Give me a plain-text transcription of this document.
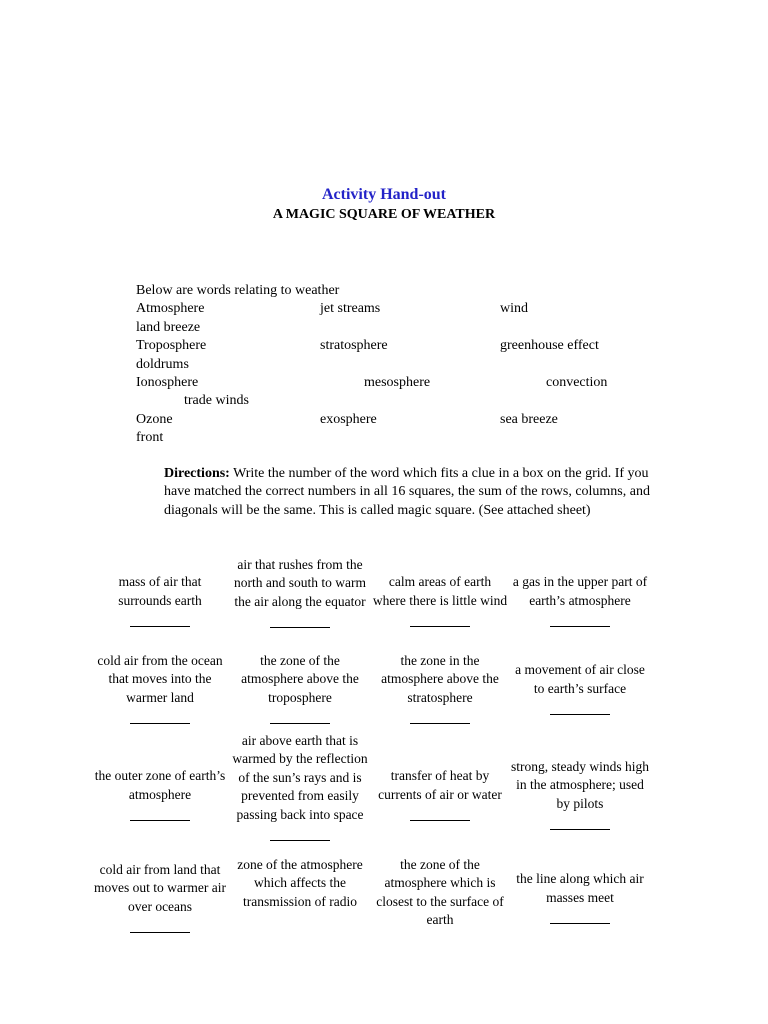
Activity Hand-out
A MAGIC SQUARE OF WEATHER
Below are words relating to weather
Atmosphere	jet streams	wind
land breeze
Troposphere	stratosphere	greenhouse effect
doldrums
Ionosphere	mesosphere	convection
trade winds
Ozone	exosphere	sea breeze
front
Directions: Write the number of the word which fits a clue in a box on the grid. If you have matched the correct numbers in all 16 squares, the sum of the rows, columns, and diagonals will be the same. This is called magic square. (See attached sheet)
mass of air that surrounds earth
air that rushes from the north and south to warm the air along the equator
calm areas of earth where there is little wind
a gas in the upper part of earth’s atmosphere
cold air from the ocean that moves into the warmer land
the zone of the atmosphere above the troposphere
the zone in the atmosphere above the stratosphere
a movement of air close to earth’s surface
the outer zone of earth’s atmosphere
air above earth that is warmed by the reflection of the sun’s rays and is prevented from easily passing back into space
transfer of heat by currents of air or water
strong, steady winds high in the atmosphere; used by pilots
cold air from land that moves out to warmer air over oceans
zone of the atmosphere which affects the transmission of radio
the zone of the atmosphere which is closest to the surface of earth
the line along which air masses meet
